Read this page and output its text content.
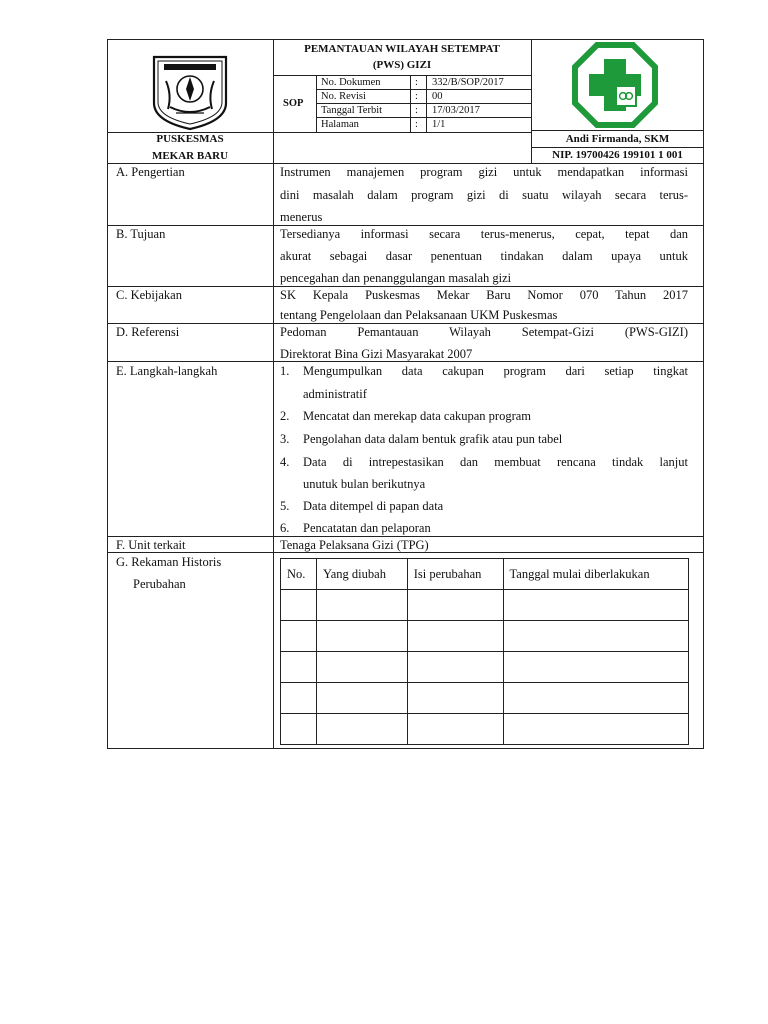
PEMANTAUAN WILAYAH SETEMPAT
(PWS) GIZI
SOP
No. Dokumen	: 332/B/SOP/2017
No. Revisi	: 00
Tanggal Terbit	: 17/03/2017
Halaman	: 1/1
PUSKESMAS
MEKAR BARU
Andi Firmanda, SKM
NIP. 19700426 199101 1 001
A. Pengertian	Instrumen manajemen program gizi untuk mendapatkan informasi
dini masalah dalam program gizi di suatu wilayah secara terus-
menerus
B. Tujuan	Tersedianya informasi secara terus-menerus, cepat, tepat dan
akurat sebagai dasar penentuan tindakan dalam upaya untuk
pencegahan dan penanggulangan masalah gizi
C. Kebijakan	SK Kepala Puskesmas Mekar Baru Nomor 070 Tahun 2017
tentang Pengelolaan dan Pelaksanaan UKM Puskesmas
D. Referensi	Pedoman Pemantauan Wilayah Setempat-Gizi (PWS-GIZI)
Direktorat Bina Gizi Masyarakat 2007
E. Langkah-langkah	1. Mengumpulkan data cakupan program dari setiap tingkat
administratif
2. Mencatat dan merekap data cakupan program
3. Pengolahan data dalam bentuk grafik atau pun tabel
4. Data di intrepestasikan dan membuat rencana tindak lanjut
unutuk bulan berikutnya
5. Data ditempel di papan data
6. Pencatatan dan pelaporan
F. Unit terkait	Tenaga Pelaksana Gizi (TPG)
G. Rekaman Historis
Perubahan
No.	Yang diubah	Isi perubahan	Tanggal mulai diberlakukan
